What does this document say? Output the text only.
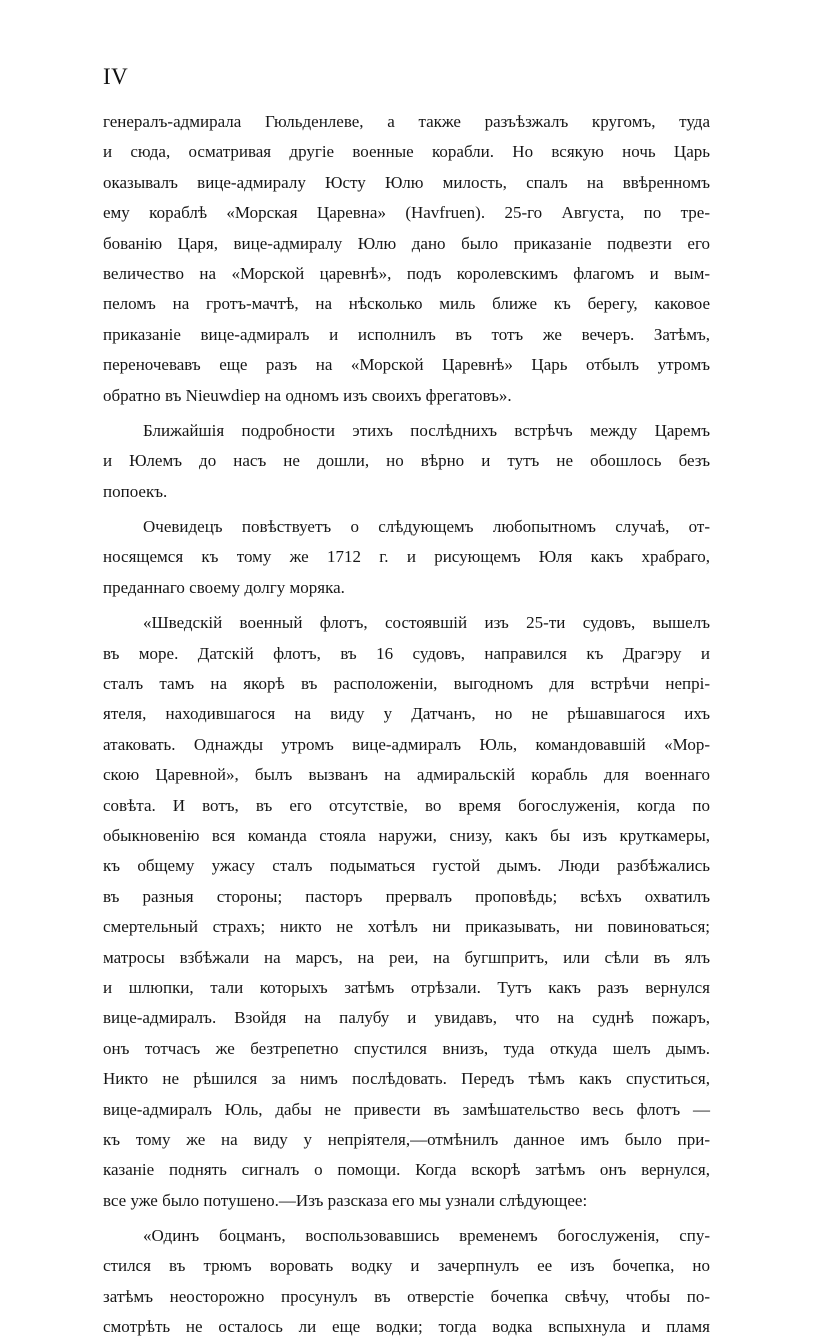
IV
генералъ-адмирала Гюльденлеве, а также разъѣзжалъ кругомъ, туда
и сюда, осматривая другіе военные корабли. Но всякую ночь Царь
оказывалъ вице-адмиралу Юсту Юлю милость, спалъ на ввѣренномъ
ему кораблѣ «Морская Царевна» (Havfruen). 25-го Августа, по тре-
бованію Царя, вице-адмиралу Юлю дано было приказаніе подвезти его
величество на «Морской царевнѣ», подъ королевскимъ флагомъ и вым-
пеломъ на гротъ-мачтѣ, на нѣсколько миль ближе къ берегу, каковое
приказаніе вице-адмиралъ и исполнилъ въ тотъ же вечеръ. Затѣмъ,
переночевавъ еще разъ на «Морской Царевнѣ» Царь отбылъ утромъ
обратно въ Nieuwdiep на одномъ изъ своихъ фрегатовъ».
Ближайшія подробности этихъ послѣднихъ встрѣчъ между Царемъ
и Юлемъ до насъ не дошли, но вѣрно и тутъ не обошлось безъ
попоекъ.
Очевидецъ повѣствуетъ о слѣдующемъ любопытномъ случаѣ, от-
носящемся къ тому же 1712 г. и рисующемъ Юля какъ храбраго,
преданнаго своему долгу моряка.
«Шведскій военный флотъ, состоявшій изъ 25-ти судовъ, вышелъ
въ море. Датскій флотъ, въ 16 судовъ, направился къ Драгэру и
сталъ тамъ на якорѣ въ расположеніи, выгодномъ для встрѣчи непрі-
ятеля, находившагося на виду у Датчанъ, но не рѣшавшагося ихъ
атаковать. Однажды утромъ вице-адмиралъ Юль, командовавшій «Мор-
скою Царевной», былъ вызванъ на адмиральскій корабль для военнаго
совѣта. И вотъ, въ его отсутствіе, во время богослуженія, когда по
обыкновенію вся команда стояла наружи, снизу, какъ бы изъ круткамеры,
къ общему ужасу сталъ подыматься густой дымъ. Люди разбѣжались
въ разныя стороны; пасторъ прервалъ проповѣдь; всѣхъ охватилъ
смертельный страхъ; никто не хотѣлъ ни приказывать, ни повиноваться;
матросы взбѣжали на марсъ, на реи, на бугшпритъ, или сѣли въ ялъ
и шлюпки, тали которыхъ затѣмъ отрѣзали. Тутъ какъ разъ вернулся
вице-адмиралъ. Взойдя на палубу и увидавъ, что на суднѣ пожаръ,
онъ тотчасъ же безтрепетно спустился внизъ, туда откуда шелъ дымъ.
Никто не рѣшился за нимъ послѣдовать. Передъ тѣмъ какъ спуститься,
вице-адмиралъ Юль, дабы не привести въ замѣшательство весь флотъ —
къ тому же на виду у непріятеля,—отмѣнилъ данное имъ было при-
казаніе поднять сигналъ о помощи. Когда вскорѣ затѣмъ онъ вернулся,
все уже было потушено.—Изъ разсказа его мы узнали слѣдующее:
«Одинъ боцманъ, воспользовавшись временемъ богослуженія, спу-
стился въ трюмъ воровать водку и зачерпнулъ ее изъ бочепка, но
затѣмъ неосторожно просунулъ въ отверстіе бочепка свѣчу, чтобы по-
смотрѣть не осталось ли еще водки; тогда водка вспыхнула и пламя
